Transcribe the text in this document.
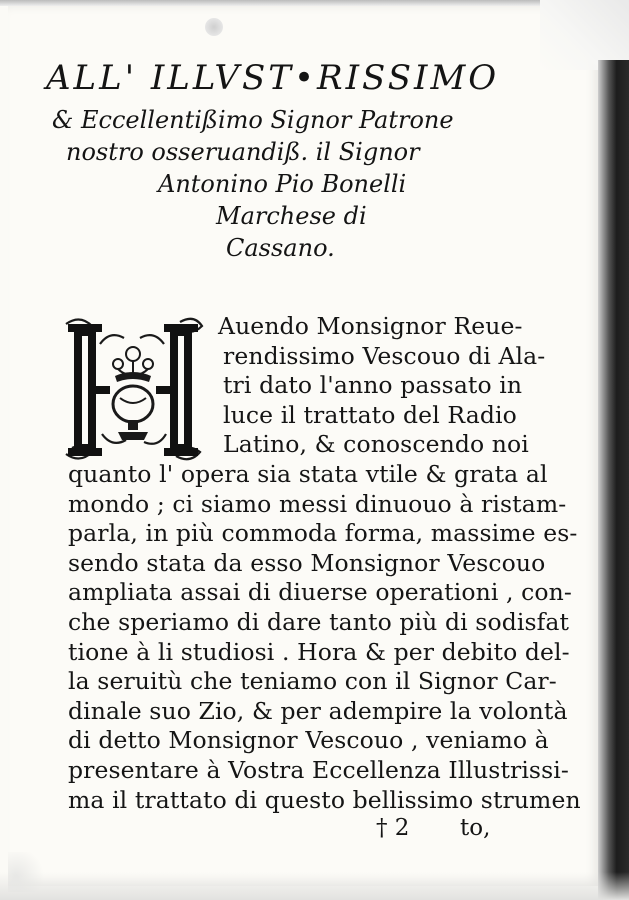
ALL' ILLVST•RISSIMO
& Eccellentißimo Signor Patrone
nostro osseruandiß. il Signor
Antonino Pio Bonelli
Marchese di
Cassano.
Auendo Monsignor Reue-
rendissimo Vescouo di Ala-
tri dato l'anno passato in
luce il trattato del Radio
Latino, & conoscendo noi
quanto l' opera sia stata vtile & grata al
mondo ; ci siamo messi dinuouo à ristam-
parla, in più commoda forma, massime es-
sendo stata da esso Monsignor Vescouo
ampliata assai di diuerse operationi , con-
che speriamo di dare tanto più di sodisfat
tione à li studiosi . Hora & per debito del-
la seruitù che teniamo con il Signor Car-
dinale suo Zio, & per adempire la volontà
di detto Monsignor Vescouo , veniamo à
presentare à Vostra Eccellenza Illustrissi-
ma il trattato di questo bellissimo strumen
† 2 to,
